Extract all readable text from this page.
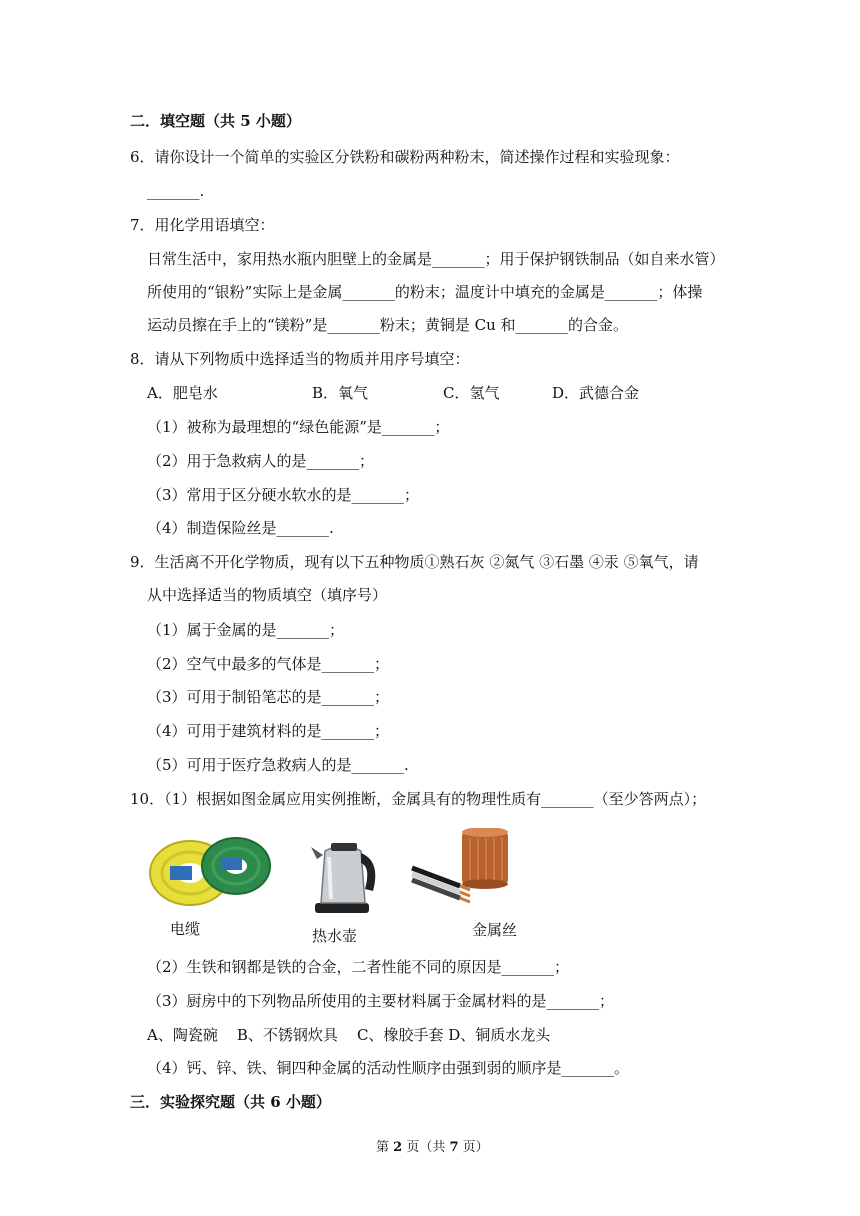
二．填空题（共 5 小题）
6．请你设计一个简单的实验区分铁粉和碳粉两种粉末，简述操作过程和实验现象：
_______.
7．用化学用语填空：
日常生活中，家用热水瓶内胆壁上的金属是_______；用于保护钢铁制品（如自来水管）
所使用的“银粉”实际上是金属_______的粉末；温度计中填充的金属是_______；体操
运动员擦在手上的“镁粉”是_______粉末；黄铜是 Cu 和_______的合金。
8．请从下列物质中选择适当的物质并用序号填空：
A．肥皂水	B．氧气	C．氢气	D．武德合金
（1）被称为最理想的“绿色能源”是_______；
（2）用于急救病人的是_______；
（3）常用于区分硬水软水的是_______；
（4）制造保险丝是_______.
9．生活离不开化学物质，现有以下五种物质①熟石灰 ②氮气 ③石墨 ④汞 ⑤氧气，请
从中选择适当的物质填空（填序号）
（1）属于金属的是_______；
（2）空气中最多的气体是_______；
（3）可用于制铅笔芯的是_______；
（4）可用于建筑材料的是_______；
（5）可用于医疗急救病人的是_______.
10．（1）根据如图金属应用实例推断，金属具有的物理性质有_______（至少答两点）；
电缆	热水壶	金属丝
（2）生铁和钢都是铁的合金，二者性能不同的原因是_______；
（3）厨房中的下列物品所使用的主要材料属于金属材料的是_______；
A、陶瓷碗    B、不锈钢炊具    C、橡胶手套 D、铜质水龙头
（4）钙、锌、铁、铜四种金属的活动性顺序由强到弱的顺序是_______。
三．实验探究题（共 6 小题）
第 2 页（共 7 页）
